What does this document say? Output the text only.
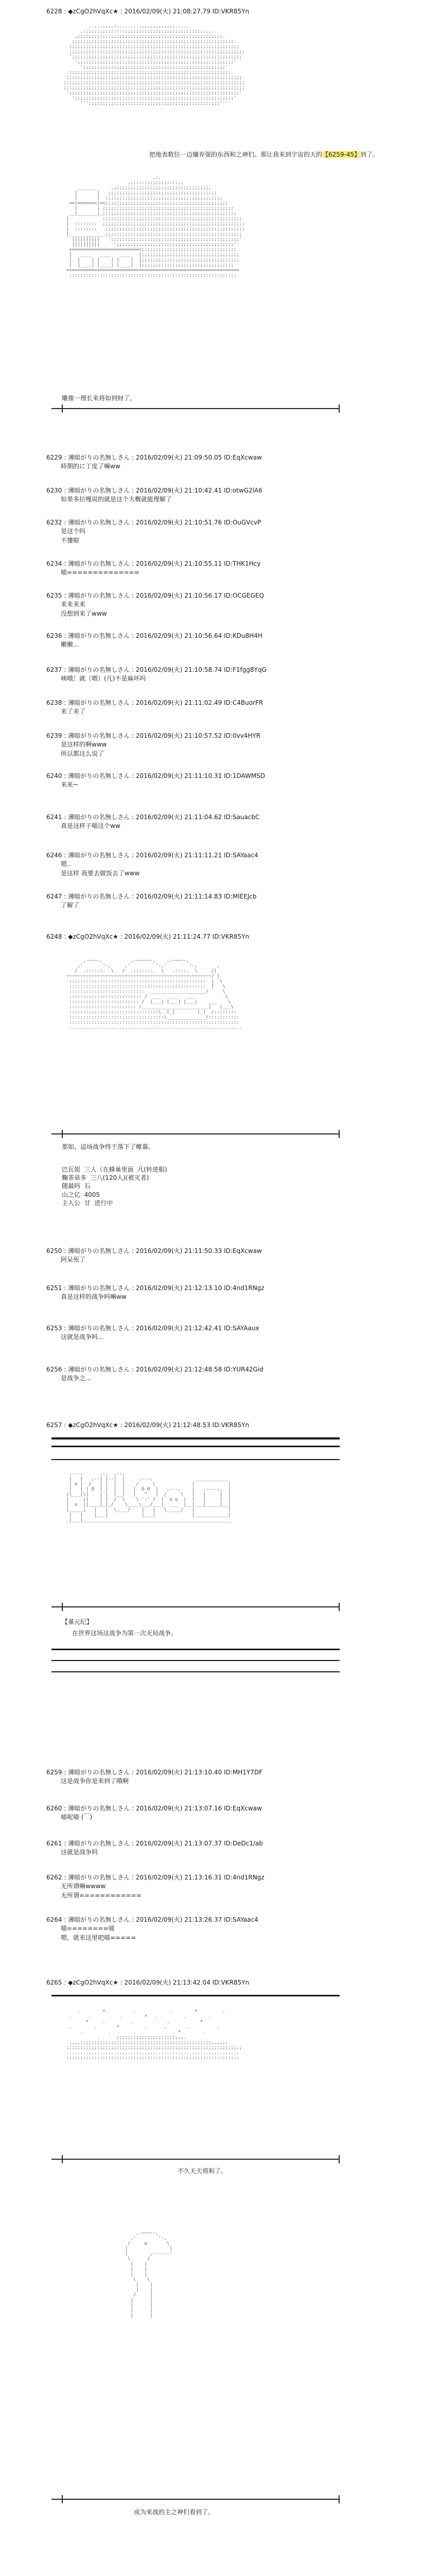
6228 : ◆zCgO2hVqXc★ : 2016/02/09(火) 21:08:27.79 ID:VKR85Yn

..,..,,,,:.........,,,,,,,,,,,,.....
,:;;;;;;;;;:::::;;;;;;;;;;;;;;;;;;;;;;;;;;;,,,,.
,;;;;;;;;;;;;;;;;;;;;;;;;;;;;;;;;;;;;;;;;;;;;;;;;;;;;.
;;;;;;;;;;;;;;;;;;;;;;;;;;;;;;;;;;;;;;;;;;;;;;;;;;;;;;;;;;.
;;;;;;;;;;;;;;;;;;;;;;;;;;;;;;;;;;;;;;;;;;;;;;;;;;;;;;;;;;;;;
;;;;;;;;;;;;;;;;;;;;;;;;;;;;;;;;;;;;;;;;;;;;;;;;;;;;;;;;;;;;;;;
';;;;;;;;;;;;;;;;;;;;;;;;;;;;;;;;;;;;;;;;;;;;;;;;;;;;;;;;;;;;;
';;;;;;;;;;;;;;;;;;;;;;;;;;;;;;;;;;;;;;;;;;;;;;;;;;;;;;;;'
';;;;;;;;;;;;;;;;;;;;;;;;;;;;;;;;;;;;;;;;;;;;;;;;;;;'
;;;;;;;;;;;;;;;;;;;;;;;;;;;;;;;;;;;;;;;;;;;;;;;;;;;;;;;;;;
;;;;;;;;;;;;;;;;;;;;;;;;;;;;;;;;;;;;;;;;;;;;;;;;;;;;;;;;;;;;;;;
;;;;;;;;;;;;;;;;;;;;;;;;;;;;;;;;;;;;;;;;;;;;;;;;;;;;;;;;;;;;;;;;;
;;;;;;;;;;;;;;;;;;;;;;;;;;;;;;;;;;;;;;;;;;;;;;;;;;;;;;;;;;;;;;;;;
';;;;;;;;;;;;;;;;;;;;;;;;;;;;;;;;;;;;;;;;;;;;;;;;;;;;;;;;;;;;;'
';;;;;;;;;;;;;;;;;;;;;;;;;;;;;;;;;;;;;;;;;;;;;;;;;;;;;;;;;'
''';;;;;;;;;;;;;;;;;;;;;;;;;;;;;;;;;;;;;;;;;;;;;;;'''

把地表数位一边嫌弃强的东西和之神们。那让我来到宇宙的天的【6259-45】到了。

.:.
,,:::::;;;;;;;::::,,
_______     ,;;;;;;;;;;;;;;;;;;;;;;;;;;;;;;;;;;,
|       |   ;;;;;;;;;;;;;;;;;;;;;;;;;;;;;;;;;;;;;;;
|       |  ;;;;;;;;;;;;;;;;;;;;;;;;;;;;;;;;;;;;;;;;;;
==|=======|==;;;;;;;;;;;;;;;;;;;;;;;;;;;;;;;;;;;;;;;;;;;;
|       | ;;;;;;;;;;;;;;;;;;;;;;;;;;;;;;;;;;;;;;;;;;;;;;;
__|_______|_;;;;;;;;;;;;;;;;;;;;;;;;;;;;;;;;;;;;;;;;;;;;;;;;
|            ;;;;;;;;;;;;;;;;;;;;;;;;;;;;;;;;;;;;;;;;;;;;;;;;;;
|  ::::::::  ;;;;;;;;;;;;;;;;;;;;;;;;;;;;;;;;;;;;;;;;;;;;;;;;;;;
|  ::::::::   ;;;;;;;;;;;;;;;;;;;;;;;;;;;;;;;;;;;;;;;;;;;;;;;;;;
|_____________;;;;;;;;;;;;;;;;;;;;;;;;;;;;;;;;;;;;;;;;;;;;;;;;;
||||||||||   ';;;;;;;;;;;;;;;;;;;;;;;;;;;;;;;;;;;;;;;;;;;;;;'
||||||||||     ';;;;;;;;;;;;;;;;;;;;;;;;;;;;;;;;;;;;;;;;;;'
==========================;;;;;;;;;;;;;;;;;;;;;;;;;;;;;;;;;;
|   ____   ____   ____   |;;;;;;;;;;;;;;;;;;;;;;;;;;;;;;;;;;;
|  |    | |    | |    |  |;;;;;;;;;;;;;;;;;;;;;;;;;;;;;;;;;;;
|  |____| |____| |____|  |;;;;;;;;;;;;;;;;;;;;;;;;;;;;;;;;;
==============================================================
::::::::::::::::::::::::::::::::::::::::::::::::::::::::::::

雕像一理长来将如到财了。
6229 : 薄暗がりの名無しさん : 2016/02/09(火) 21:09:50.05 ID:EqXcwaw
時期的に丁度了嘛ww
6230 : 薄暗がりの名無しさん : 2016/02/09(火) 21:10:42.41 ID:otwG2lA6
如果多拉嘎说的就是这个大概就能理解了
6232 : 薄暗がりの名無しさん : 2016/02/09(火) 21:10:51.76 ID:OuGVcvP
是这个吗
不懂啦
6234 : 薄暗がりの名無しさん : 2016/02/09(火) 21:10:55.11 ID:THK1Hcy
喵==============
6235 : 薄暗がりの名無しさん : 2016/02/09(火) 21:10:56.17 ID:OCGEGEQ
来来来来
没想到来了www
6236 : 薄暗がりの名無しさん : 2016/02/09(火) 21:10:56.64 ID:KDu8H4H
嫩嫩...
6237 : 薄暗がりの名無しさん : 2016/02/09(火) 21:10:58.74 ID:F1fgg8YqG
咦哦！就（喂）(凡)不是麻坏吗
6238 : 薄暗がりの名無しさん : 2016/02/09(火) 21:11:02.49 ID:C4BuorFR
来了来了
6239 : 薄暗がりの名無しさん : 2016/02/09(火) 21:10:57.52 ID:0vv4HYR
是这样的啊www
所以都这么说了
6240 : 薄暗がりの名無しさん : 2016/02/09(火) 21:11:10.31 ID:1DAWMSD
来来~
6241 : 薄暗がりの名無しさん : 2016/02/09(火) 21:11:04.62 ID:SauacbC
真是这样子喵这个ww
6246 : 薄暗がりの名無しさん : 2016/02/09(火) 21:11:11.21 ID:SAYaac4
嗯..
是这样 我要去做饭去了www
6247 : 薄暗がりの名無しさん : 2016/02/09(火) 21:11:14.83 ID:MlEEJcb
了解了
6248 : ◆zCgO2hVqXc★ : 2016/02/09(火) 21:11:24.77 ID:VKR85Yn

,-~~~-,          ,-~~~~~-,    ,-~~~~-,
,'       '-,     ,'         '-,'        '-,       ,
/  .::::::.  \   /  .:::::::.  \   .::::.  \     /|
~~~~~~~~~~~~~~~~~~~~~~~~~~~~~~~~~~~~~~~~~~~~~~~~~~~~/ |
:::::::::::::::::::::::::::::::::::::::::::::::::  |  \
:::::::::::::::::::::::::::::::::::::::::::::::::  |   \
:::::::::::::::::::::::::::  ____________________/     \
:::::::::::::::::::::::::: /  ___   ___   ___           \
::::::::::::::::::::::::: /  |___| |___| |___|    ___    \
:::::::::::::::::::::::: /________________________|   |___\
::::::::::::::::::::::::::::::::\  (_)        (_)  /::::::::
::::::::::::::::::::::::::::::::::\______________/:::::::::::
:::::::::::::::::::::::::::::::::::::::::::::::::::::::::::::
..............................................................

那如，這场战争终于落下了帷幕。
巴瓦姐  三人（在蜂巢里面  凡(转进船)
鞠茶泉多  三八(120人)(被灭者)
随最吗  石
山之亿  4005
主人公  甘  进行中
6250 : 薄暗がりの名無しさん : 2016/02/09(火) 21:11:50.33 ID:EqXcwaw
阿呆死了
6251 : 薄暗がりの名無しさん : 2016/02/09(火) 21:12:13.10 ID:4nd1RNgz
真是这样的战争吗嘛ww
6253 : 薄暗がりの名無しさん : 2016/02/09(火) 21:12:42.41 ID:SAYAaux
这就是战争吗...
6256 : 薄暗がりの名無しさん : 2016/02/09(火) 21:12:48.58 ID:YUR42Gid
是战争之...
6257 : ◆zCgO2hVqXc★ : 2016/02/09(火) 21:12:48.53 ID:VKR85Yn

,---,      ,-,  ,--,
|   |   ,--| |--|  |     ,---,               ____________
| o |  /   | |  |  |    /     \             |            |
|   | | O  |_|  |  |   |  O O  |   ,---,    |   ,-----,  |
/|___|\|    | |  |__|   |   ^   |  /     \   |   |     |  |
|     ||    | |  /  \    \ '-' /  |  o o  |  |   |     |  |
|  o  ||____|_|_/    \____\___/___|  ___  |__|___|_____|__|
|_____|   |   |  \____/    |   |   \_____/   |            |
|   |    |___|            |___|             |____________|
_|___|_____________________________________________________

【暴元纪】
在世界这场这战争为第一次无局战争。
6259 : 薄暗がりの名無しさん : 2016/02/09(火) 21:13:10.40 ID:MH1Y7DF
这是战争你是来到了哦啊
6260 : 薄暗がりの名無しさん : 2016/02/09(火) 21:13:07.16 ID:EqXcwaw
喵呢喵 (￣)
6261 : 薄暗がりの名無しさん : 2016/02/09(火) 21:13:07.37 ID:DeDc1/ab
这就是战争吗
6262 : 薄暗がりの名無しさん : 2016/02/09(火) 21:13:16.31 ID:4nd1RNgz
无所谓嘛wwww
无所谓============
6264 : 薄暗がりの名無しさん : 2016/02/09(火) 21:13:26.37 ID:SAYaac4
喵========喵
嗯，就来这里吧喵=====
6265 : ◆zCgO2hVqXc★ : 2016/02/09(火) 21:13:42.04 ID:VKR85Yn

.        *          .            .        *         .
.      .          .        *   .         .        .
*     .         .            .           *
.        .       *         .      .       .          .
.         .        .               *        .
.      ;;;;;;;;;;;;;;;;;;;;;,,,.
,,,,;;;;;;;;;;;;;;;;;;;;;;;;;;;;;;;;;;;;;;;;;;;;;;;,,,,,,
;;;;;;;;;;;;;;;;;;;;;;;;;;;;;;;;;;;;;;;;;;;;;;;;;;;;;;;;;;;;;;;
..............................................................
::::::::::::::::::::::::::::::::::::::::::::::::::::::::::::::

不久天天将和了。

,-~~~~-,
,'        '-,
/     o       \
|               |
|        ,------'
\      /
|    |
|    |
|    |
\    \
|    |
|    |
/     |
|      |
|      |
|      |
|      |

成为来战的主之神们看到了。
